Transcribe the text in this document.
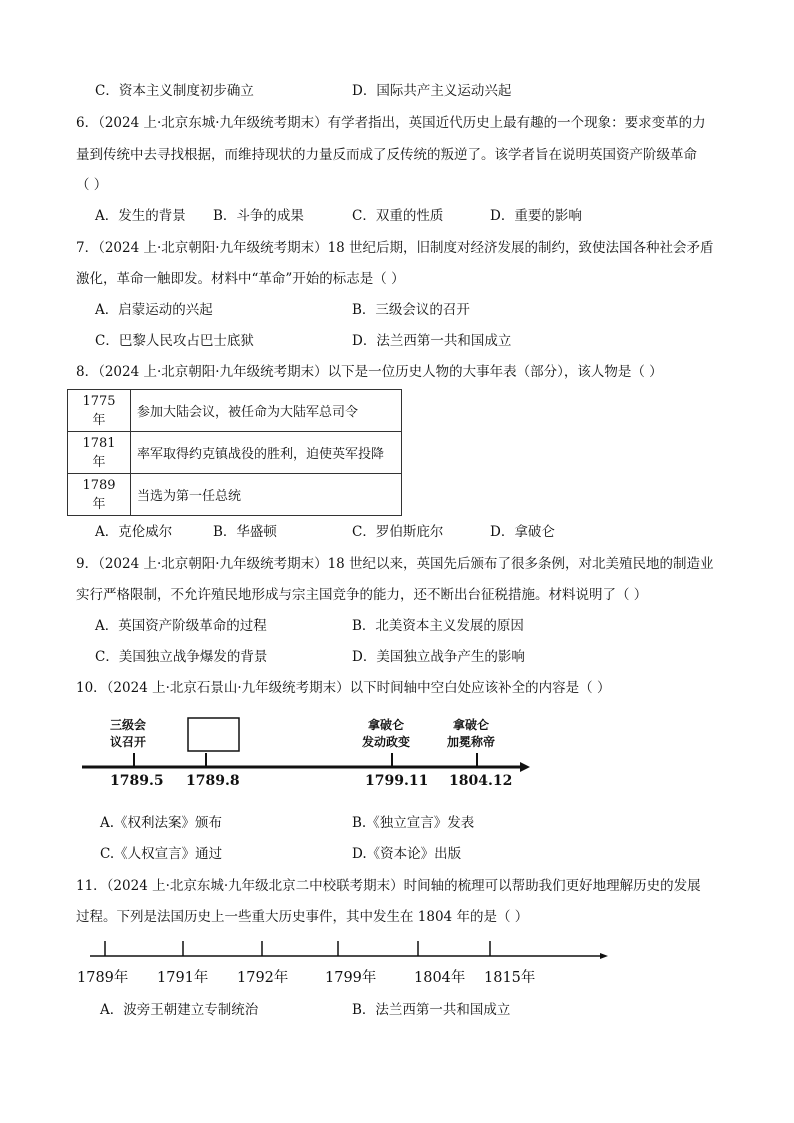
C．资本主义制度初步确立	D．国际共产主义运动兴起
6．（2024 上·北京东城·九年级统考期末）有学者指出，英国近代历史上最有趣的一个现象：要求变革的力
量到传统中去寻找根据，而维持现状的力量反而成了反传统的叛逆了。该学者旨在说明英国资产阶级革命
（ ）
A．发生的背景 B．斗争的成果	C．双重的性质	D．重要的影响
7．（2024 上·北京朝阳·九年级统考期末）18 世纪后期，旧制度对经济发展的制约，致使法国各种社会矛盾
激化，革命一触即发。材料中“革命”开始的标志是（ ）
A．启蒙运动的兴起	B．三级会议的召开
C．巴黎人民攻占巴士底狱	D．法兰西第一共和国成立
8．（2024 上·北京朝阳·九年级统考期末）以下是一位历史人物的大事年表（部分），该人物是（ ）
1775 年	参加大陆会议，被任命为大陆军总司令
1781 年	率军取得约克镇战役的胜利，迫使英军投降
1789 年	当选为第一任总统
A．克伦威尔	B．华盛顿	C．罗伯斯庇尔	D．拿破仑
9．（2024 上·北京朝阳·九年级统考期末）18 世纪以来，英国先后颁布了很多条例，对北美殖民地的制造业
实行严格限制，不允许殖民地形成与宗主国竞争的能力，还不断出台征税措施。材料说明了（ ）
A．英国资产阶级革命的过程	B．北美资本主义发展的原因
C．美国独立战争爆发的背景	D．美国独立战争产生的影响
10．（2024 上·北京石景山·九年级统考期末）以下时间轴中空白处应该补全的内容是（ ）
三级会
议召开
拿破仑
发动政变
拿破仑
加冕称帝
1789.5 1789.8	1799.11 1804.12
A.《权利法案》颁布	B.《独立宣言》发表
C.《人权宣言》通过	D.《资本论》出版
11．（2024 上·北京东城·九年级北京二中校联考期末）时间轴的梳理可以帮助我们更好地理解历史的发展
过程。下列是法国历史上一些重大历史事件，其中发生在 1804 年的是（ ）
1789年 1791年 1792年	1799年	1804年 1815年
A．波旁王朝建立专制统治	B．法兰西第一共和国成立
